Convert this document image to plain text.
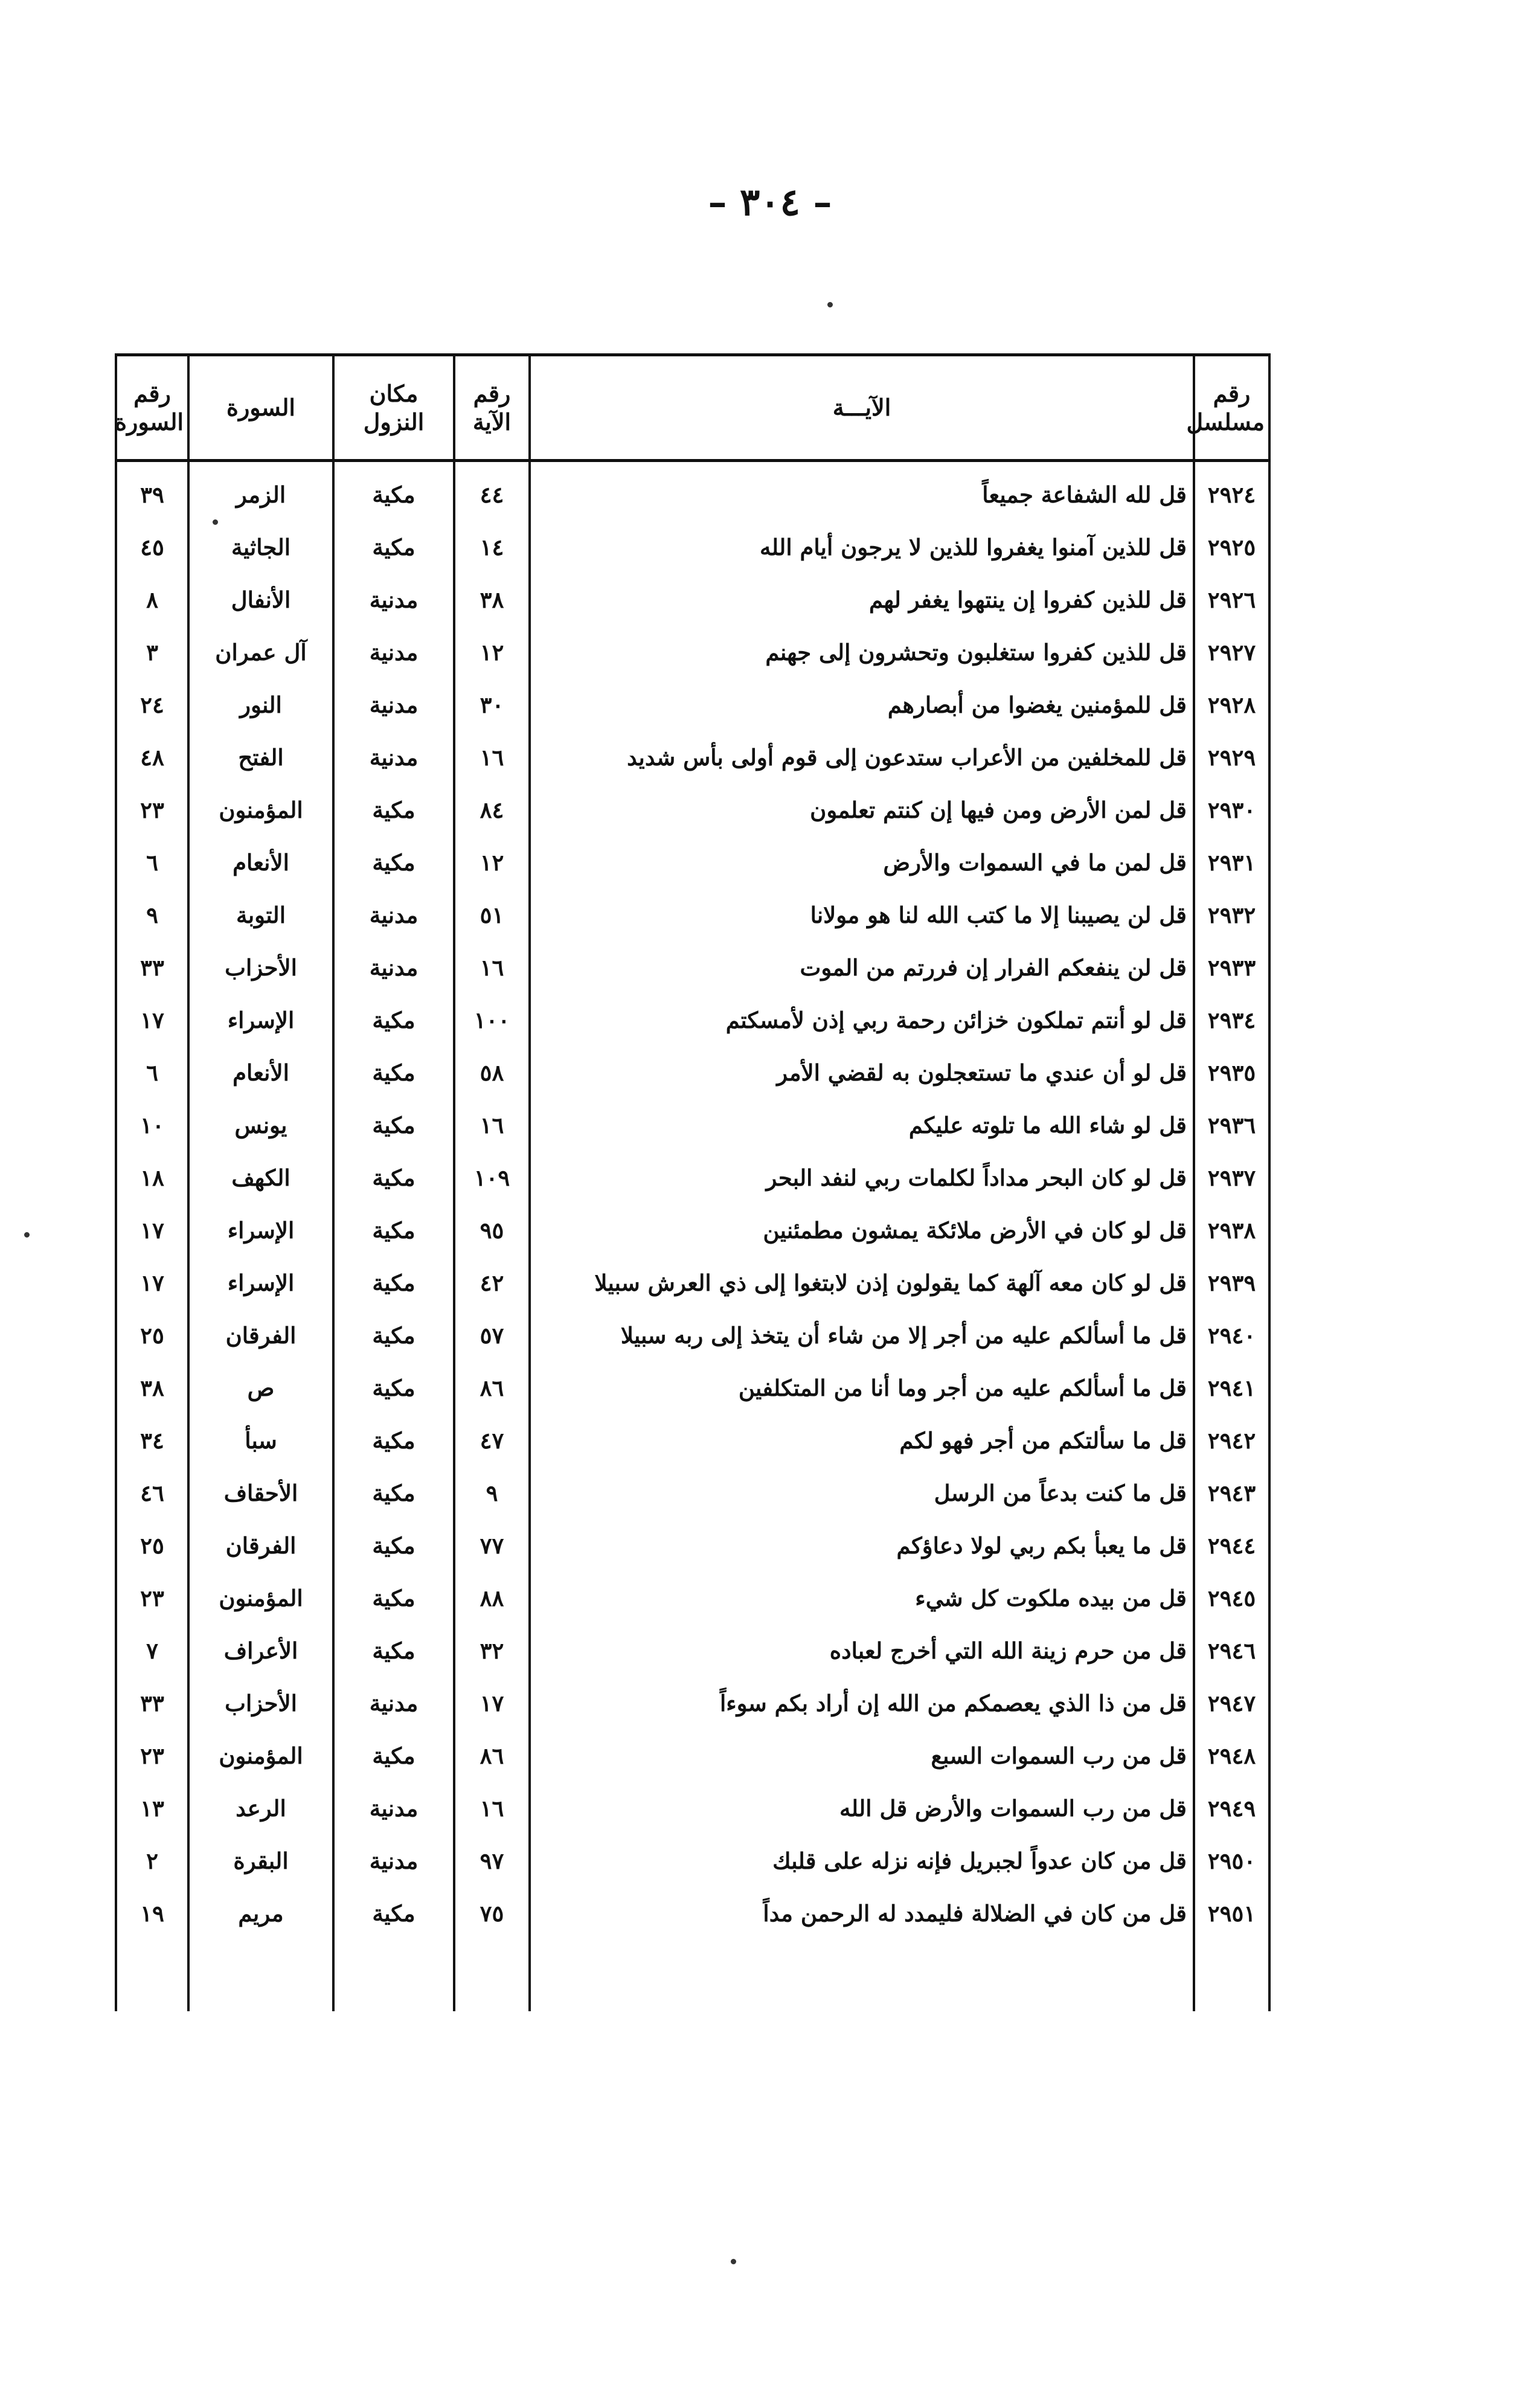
– ٣٠٤ –
رقم مسلسل	الآيـــة	رقم الآية	مكان النزول	السورة	رقم السورة
٢٩٢٤	قل لله الشفاعة جميعاً	٤٤	مكية	الزمر	٣٩
٢٩٢٥	قل للذين آمنوا يغفروا للذين لا يرجون أيام الله	١٤	مكية	الجاثية	٤٥
٢٩٢٦	قل للذين كفروا إن ينتهوا يغفر لهم	٣٨	مدنية	الأنفال	٨
٢٩٢٧	قل للذين كفروا ستغلبون وتحشرون إلى جهنم	١٢	مدنية	آل عمران	٣
٢٩٢٨	قل للمؤمنين يغضوا من أبصارهم	٣٠	مدنية	النور	٢٤
٢٩٢٩	قل للمخلفين من الأعراب ستدعون إلى قوم أولى بأس شديد	١٦	مدنية	الفتح	٤٨
٢٩٣٠	قل لمن الأرض ومن فيها إن كنتم تعلمون	٨٤	مكية	المؤمنون	٢٣
٢٩٣١	قل لمن ما في السموات والأرض	١٢	مكية	الأنعام	٦
٢٩٣٢	قل لن يصيبنا إلا ما كتب الله لنا هو مولانا	٥١	مدنية	التوبة	٩
٢٩٣٣	قل لن ينفعكم الفرار إن فررتم من الموت	١٦	مدنية	الأحزاب	٣٣
٢٩٣٤	قل لو أنتم تملكون خزائن رحمة ربي إذن لأمسكتم	١٠٠	مكية	الإسراء	١٧
٢٩٣٥	قل لو أن عندي ما تستعجلون به لقضي الأمر	٥٨	مكية	الأنعام	٦
٢٩٣٦	قل لو شاء الله ما تلوته عليكم	١٦	مكية	يونس	١٠
٢٩٣٧	قل لو كان البحر مداداً لكلمات ربي لنفد البحر	١٠٩	مكية	الكهف	١٨
٢٩٣٨	قل لو كان في الأرض ملائكة يمشون مطمئنين	٩٥	مكية	الإسراء	١٧
٢٩٣٩	قل لو كان معه آلهة كما يقولون إذن لابتغوا إلى ذي العرش سبيلا	٤٢	مكية	الإسراء	١٧
٢٩٤٠	قل ما أسألكم عليه من أجر إلا من شاء أن يتخذ إلى ربه سبيلا	٥٧	مكية	الفرقان	٢٥
٢٩٤١	قل ما أسألكم عليه من أجر وما أنا من المتكلفين	٨٦	مكية	ص	٣٨
٢٩٤٢	قل ما سألتكم من أجر فهو لكم	٤٧	مكية	سبأ	٣٤
٢٩٤٣	قل ما كنت بدعاً من الرسل	٩	مكية	الأحقاف	٤٦
٢٩٤٤	قل ما يعبأ بكم ربي لولا دعاؤكم	٧٧	مكية	الفرقان	٢٥
٢٩٤٥	قل من بيده ملكوت كل شيء	٨٨	مكية	المؤمنون	٢٣
٢٩٤٦	قل من حرم زينة الله التي أخرج لعباده	٣٢	مكية	الأعراف	٧
٢٩٤٧	قل من ذا الذي يعصمكم من الله إن أراد بكم سوءاً	١٧	مدنية	الأحزاب	٣٣
٢٩٤٨	قل من رب السموات السبع	٨٦	مكية	المؤمنون	٢٣
٢٩٤٩	قل من رب السموات والأرض قل الله	١٦	مدنية	الرعد	١٣
٢٩٥٠	قل من كان عدواً لجبريل فإنه نزله على قلبك	٩٧	مدنية	البقرة	٢
٢٩٥١	قل من كان في الضلالة فليمدد له الرحمن مداً	٧٥	مكية	مريم	١٩
